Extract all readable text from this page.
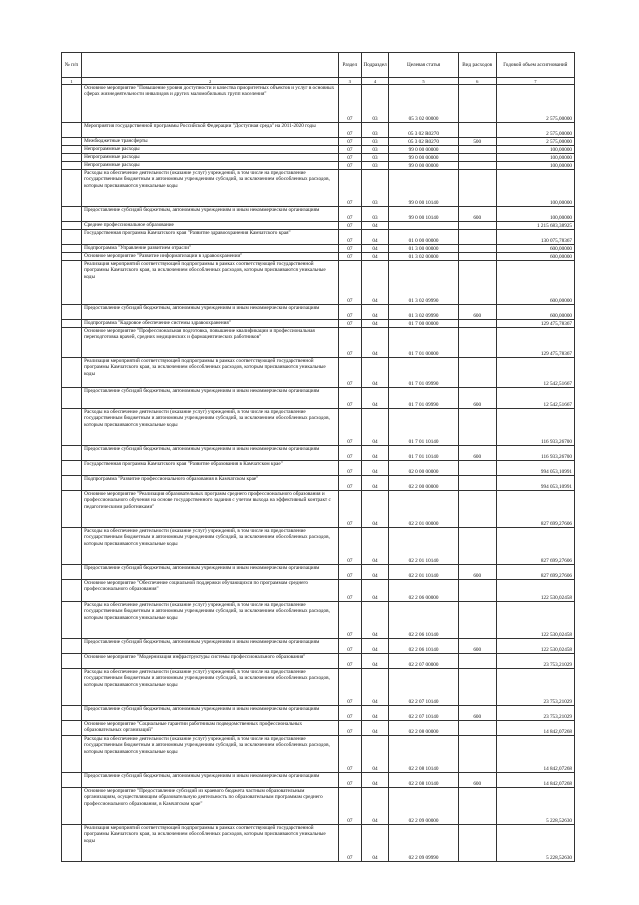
№ п/п		Раздел	Подраздел	Целевая статья	Вид расходов	Годовой объем ассигнований
1	2	3	4	5	6	7
	Основное мероприятие "Повышение уровня доступности и качества приоритетных объектов и услуг в основных сферах жизнедеятельности инвалидов и других маломобильных групп населения"	07	03	05 3 02 00000		2 575,00000
	Мероприятия государственной программы Российской Федерации "Доступная среда" на 2011-2020 годы	07	03	05 3 02 R0270		2 575,00000
	Межбюджетные трансферты	07	03	05 3 02 R0270	500	2 575,00000
	Непрограммные расходы	07	03	99 0 00 00000		100,00000
	Непрограммные расходы	07	03	99 0 00 00000		100,00000
	Непрограммные расходы	07	03	99 0 00 00000		100,00000
	Расходы на обеспечение деятельности (оказание услуг) учреждений, в том числе на предоставление государственным бюджетным и автономным учреждениям субсидий, за исключением обособленных расходов, которым присваиваются уникальные коды	07	03	99 0 00 10140		100,00000
	Предоставление субсидий бюджетным, автономным учреждениям и иным некоммерческим организациям	07	03	99 0 00 10140	600	100,00000
	Среднее профессиональное образование	07	04			1 215 683,38925
	Государственная программа Камчатского края "Развитие здравоохранения Камчатского края"	07	04	01 0 00 00000		130 075,78367
	Подпрограмма "Управление развитием отрасли"	07	04	01 3 00 00000		600,00000
	Основное мероприятие "Развитие информатизации в здравоохранении"	07	04	01 3 02 00000		600,00000
	Реализация мероприятий соответствующей подпрограммы в рамках соответствующей государственной программы Камчатского края, за исключением обособленных расходов, которым присваиваются уникальные коды	07	04	01 3 02 09990		600,00000
	Предоставление субсидий бюджетным, автономным учреждениям и иным некоммерческим организациям	07	04	01 3 02 09990	600	600,00000
	Подпрограмма "Кадровое обеспечение системы здравоохранения"	07	04	01 7 00 00000		129 475,78367
	Основное мероприятие "Профессиональная подготовка, повышение квалификации и профессиональная переподготовка врачей, средних медицинских и фармацевтических работников"	07	04	01 7 01 00000		129 475,78367
	Реализация мероприятий соответствующей подпрограммы в рамках соответствующей государственной программы Камчатского края, за исключением обособленных расходов, которым присваиваются уникальные коды	07	04	01 7 01 09990		12 542,51667
	Предоставление субсидий бюджетным, автономным учреждениям и иным некоммерческим организациям	07	04	01 7 01 09990	600	12 542,51667
	Расходы на обеспечение деятельности (оказание услуг) учреждений, в том числе на предоставление государственным бюджетным и автономным учреждениям субсидий, за исключением обособленных расходов, которым присваиваются уникальные коды	07	04	01 7 01 10140		116 933,26700
	Предоставление субсидий бюджетным, автономным учреждениям и иным некоммерческим организациям	07	04	01 7 01 10140	600	116 933,26700
	Государственная программа Камчатского края "Развитие образования в Камчатском крае"	07	04	02 0 00 00000		994 053,10991
	Подпрограмма "Развитие профессионального образования в Камчатском крае"	07	04	02 2 00 00000		994 053,10991
	Основное мероприятие "Реализация образовательных программ среднего профессионального образования и профессионального обучения на основе государственного задания с учетом выхода на эффективный контракт с педагогическими работниками"	07	04	02 2 01 00000		827 699,27606
	Расходы на обеспечение деятельности (оказание услуг) учреждений, в том числе на предоставление государственным бюджетным и автономным учреждениям субсидий, за исключением обособленных расходов, которым присваиваются уникальные коды	07	04	02 2 01 10140		827 699,27606
	Предоставление субсидий бюджетным, автономным учреждениям и иным некоммерческим организациям	07	04	02 2 01 10140	600	827 699,27606
	Основное мероприятие "Обеспечение социальной поддержки обучающихся по программам среднего профессионального образования"	07	04	02 2 06 00000		122 530,02458
	Расходы на обеспечение деятельности (оказание услуг) учреждений, в том числе на предоставление государственным бюджетным и автономным учреждениям субсидий, за исключением обособленных расходов, которым присваиваются уникальные коды	07	04	02 2 06 10140		122 530,02458
	Предоставление субсидий бюджетным, автономным учреждениям и иным некоммерческим организациям	07	04	02 2 06 10140	600	122 530,02458
	Основное мероприятие "Модернизация инфраструктуры системы профессионального образования"	07	04	02 2 07 00000		23 753,21029
	Расходы на обеспечение деятельности (оказание услуг) учреждений, в том числе на предоставление государственным бюджетным и автономным учреждениям субсидий, за исключением обособленных расходов, которым присваиваются уникальные коды	07	04	02 2 07 10140		23 753,21029
	Предоставление субсидий бюджетным, автономным учреждениям и иным некоммерческим организациям	07	04	02 2 07 10140	600	23 753,21029
	Основное мероприятие "Социальные гарантии работникам подведомственных профессиональных образовательных организаций"	07	04	02 2 08 00000		14 842,07268
	Расходы на обеспечение деятельности (оказание услуг) учреждений, в том числе на предоставление государственным бюджетным и автономным учреждениям субсидий, за исключением обособленных расходов, которым присваиваются уникальные коды	07	04	02 2 08 10140		14 842,07268
	Предоставление субсидий бюджетным, автономным учреждениям и иным некоммерческим организациям	07	04	02 2 08 10140	600	14 842,07268
	Основное мероприятие "Предоставление субсидий из краевого бюджета частным образовательным организациям, осуществляющим образовательную деятельность по образовательным программам среднего профессионального образования, в Камчатском крае"	07	04	02 2 09 00000		5 228,52630
	Реализация мероприятий соответствующей подпрограммы в рамках соответствующей государственной программы Камчатского края, за исключением обособленных расходов, которым присваиваются уникальные коды	07	04	02 2 09 09990		5 228,52630
